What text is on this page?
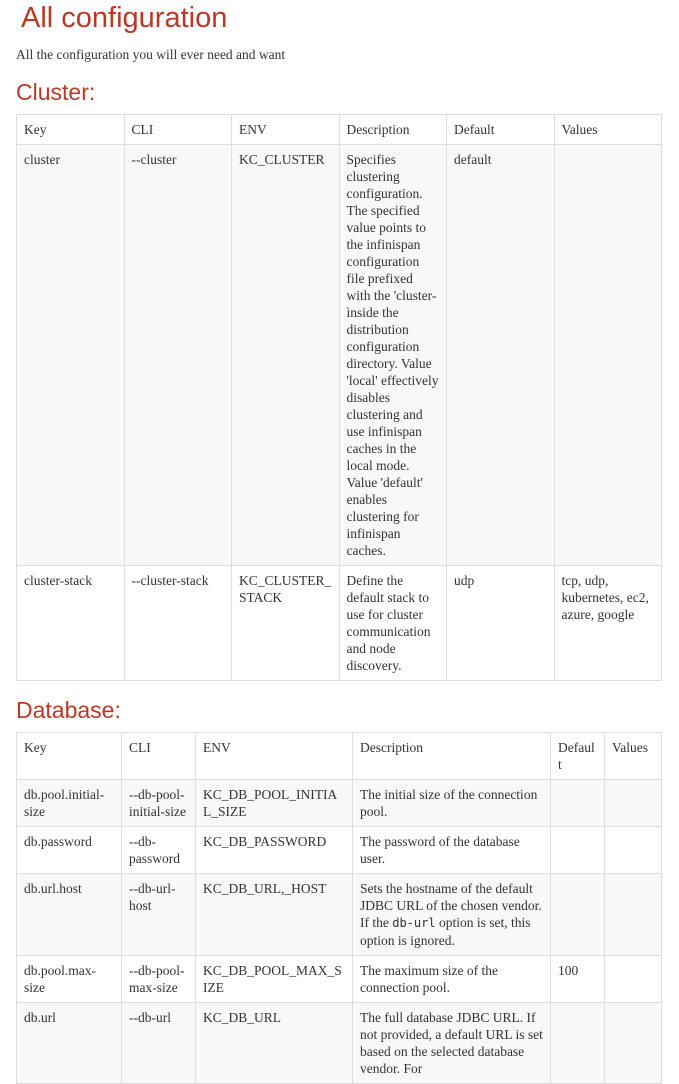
All configuration

All the configuration you will ever need and want

Cluster:
Key	CLI	ENV	Description	Default	Values
cluster	--cluster	KC_CLUSTER	Specifies clustering configuration. The specified value points to the infinispan configuration file prefixed with the 'cluster- ìnside the distribution configuration directory. Value 'local' effectively disables clustering and use infinispan caches in the local mode. Value 'default' enables clustering for infinispan caches.	default	
cluster-stack	--cluster-stack	KC_CLUSTER_STACK	Define the default stack to use for cluster communication and node discovery.	udp	tcp, udp, kubernetes, ec2, azure, google
Database:
Key	CLI	ENV	Description	Default	Values
db.pool.initial-size	--db-pool-initial-size	KC_DB_POOL_INITIAL_SIZE	The initial size of the connection pool.		
db.password	--db-password	KC_DB_PASSWORD	The password of the database user.		
db.url.host	--db-url-host	KC_DB_URL,_HOST	Sets the hostname of the default JDBC URL of the chosen vendor. If the db-url option is set, this option is ignored.		
db.pool.max-size	--db-pool-max-size	KC_DB_POOL_MAX_SIZE	The maximum size of the connection pool.	100	
db.url	--db-url	KC_DB_URL	The full database JDBC URL. If not provided, a default URL is set based on the selected database vendor. For		
